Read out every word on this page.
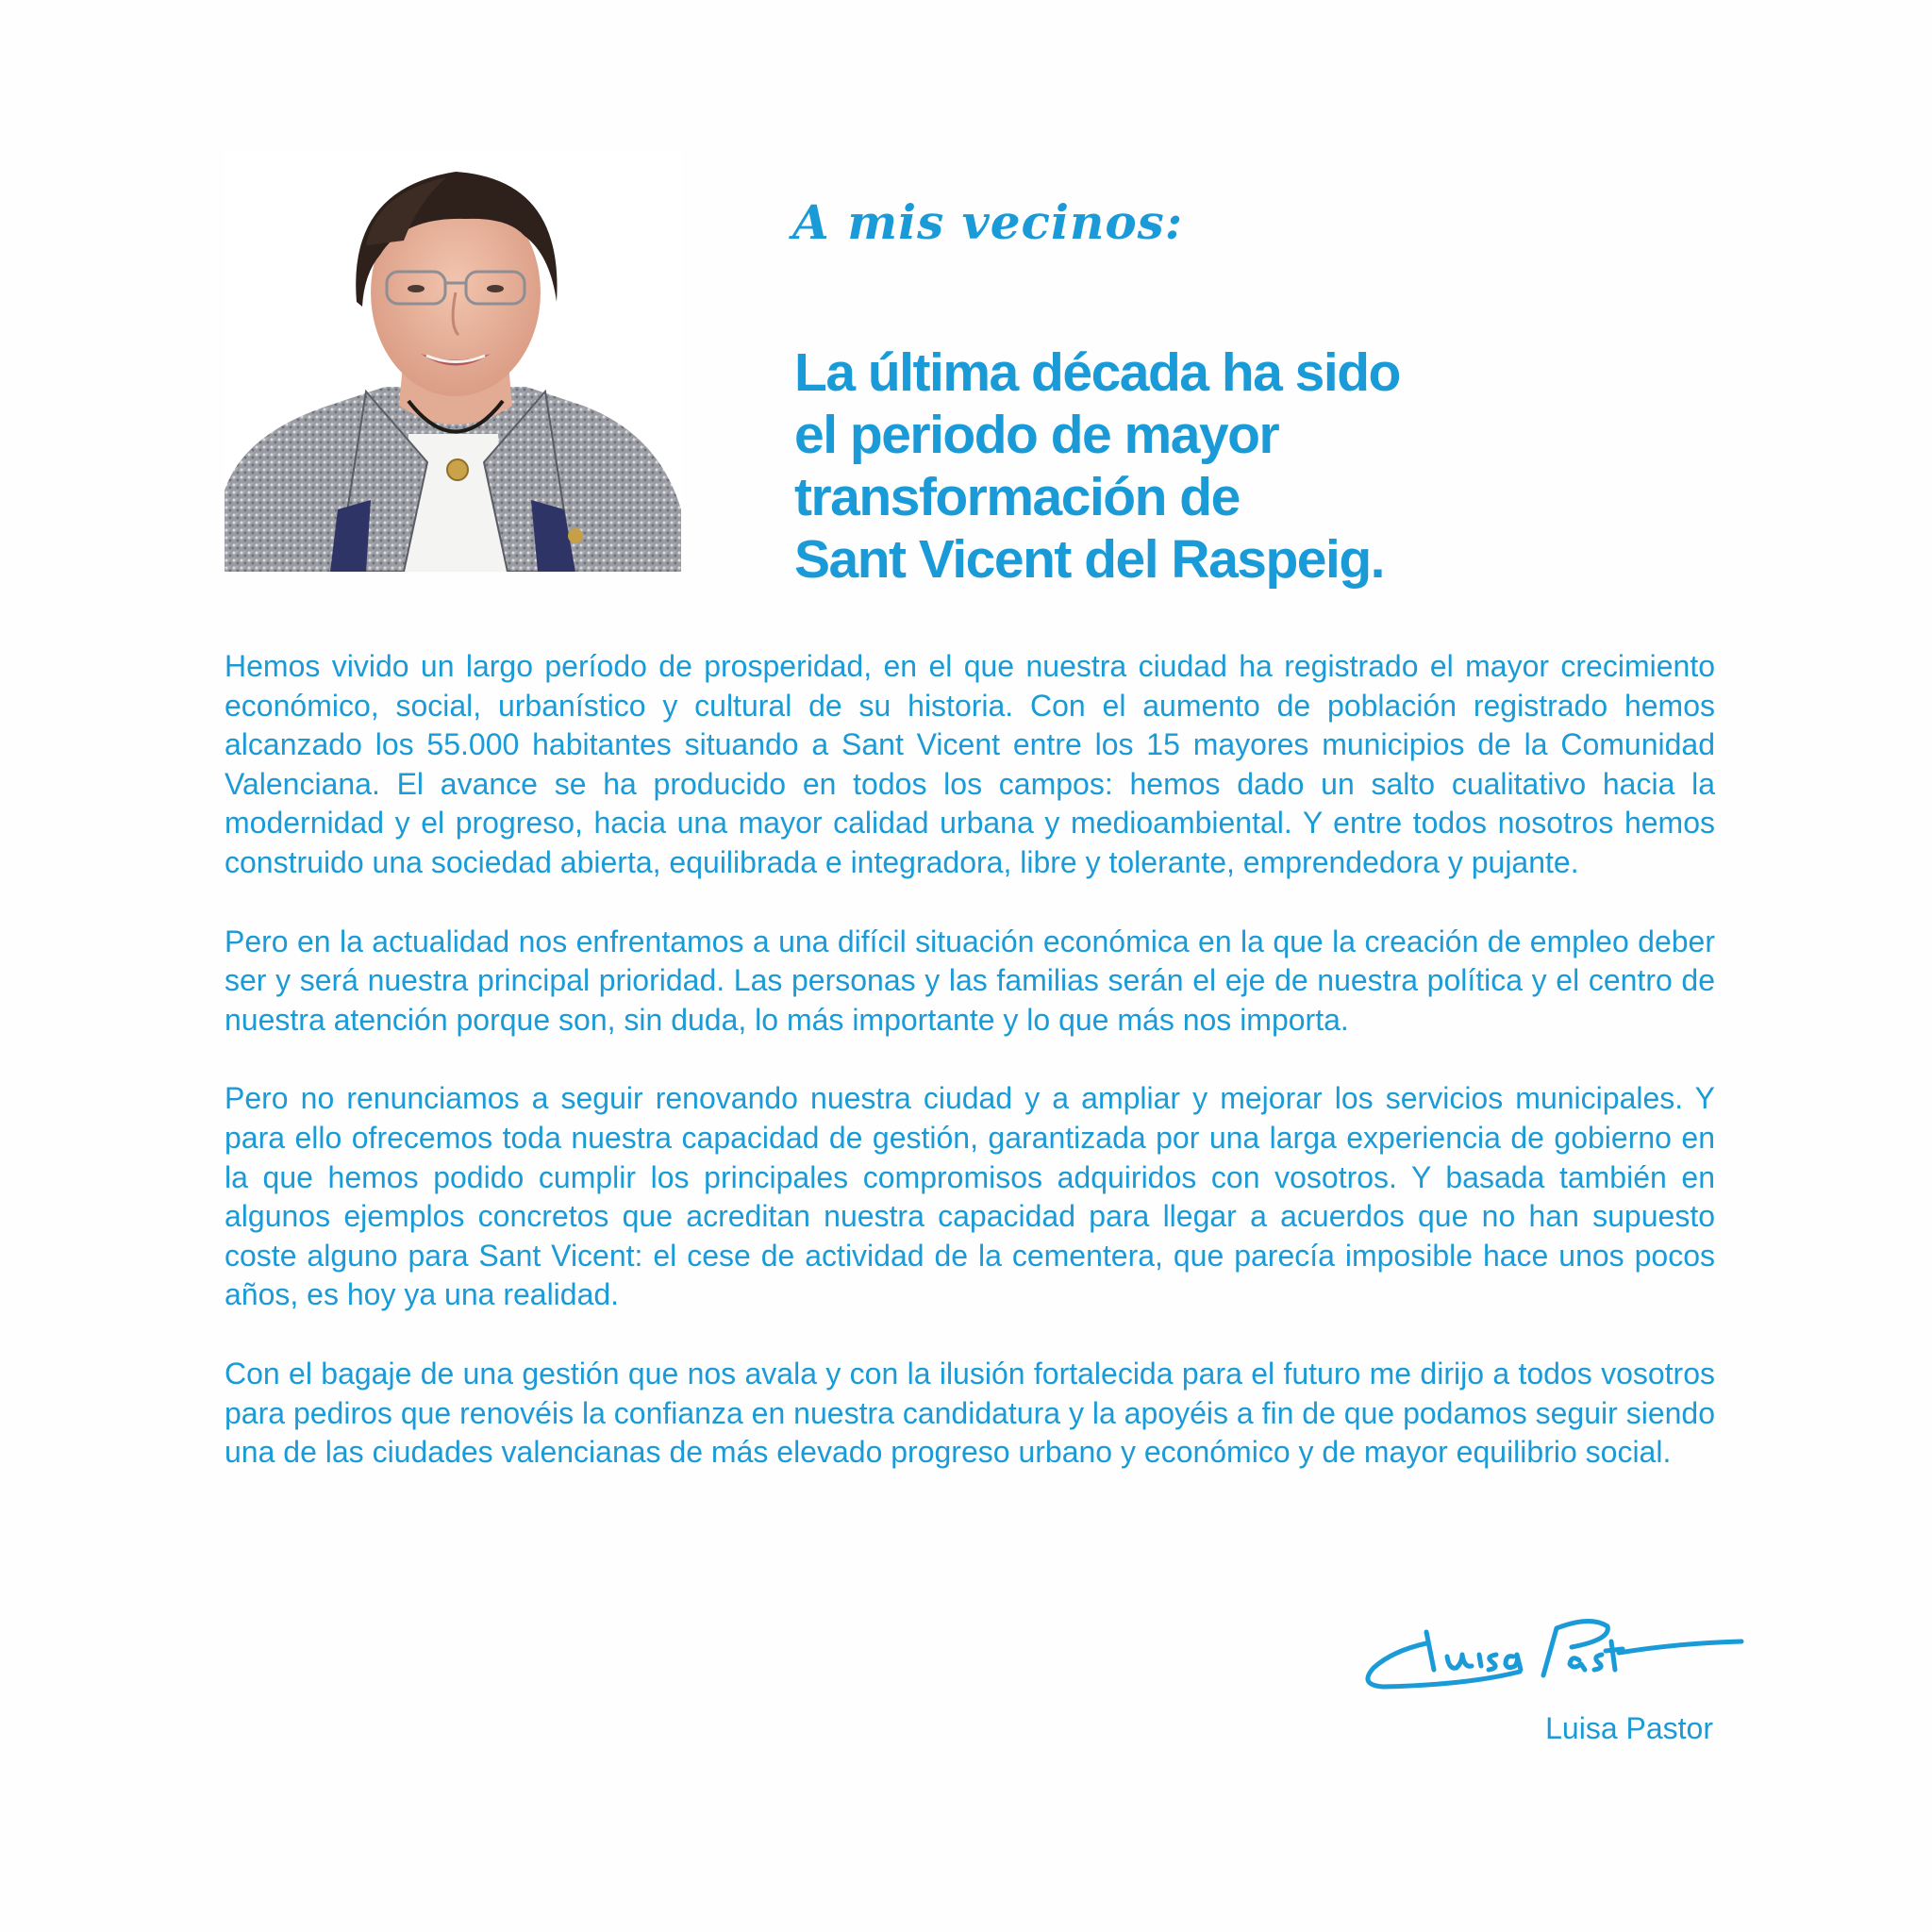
A mis vecinos:
La última década ha sido
el periodo de mayor
transformación de
Sant Vicent del Raspeig.

Hemos vivido un largo período de prosperidad, en el que nuestra ciudad ha registrado el mayor crecimiento económico, social, urbanístico y cultural de su historia. Con el aumento de población registrado hemos alcanzado los 55.000 habitantes situando a Sant Vicent entre los 15 mayores municipios de la Comunidad Valenciana. El avance se ha producido en todos los campos: hemos dado un salto cualitativo hacia la modernidad y el progreso, hacia una mayor calidad urbana y medioambiental. Y entre todos nosotros hemos construido una sociedad abierta, equilibrada e integradora, libre y tolerante, emprendedora y pujante.

Pero en la actualidad nos enfrentamos a una difícil situación económica en la que la creación de empleo deber ser y será nuestra principal prioridad. Las personas y las familias serán el eje de nuestra política y el centro de nuestra atención porque son, sin duda, lo más importante y lo que más nos importa.

Pero no renunciamos a seguir renovando nuestra ciudad y a ampliar y mejorar los servicios municipales. Y para ello ofrecemos toda nuestra capacidad de gestión, garantizada por una larga experiencia de gobierno en la que hemos podido cumplir los principales compromisos adquiridos con vosotros. Y basada también en algunos ejemplos concretos que acreditan nuestra capacidad para llegar a acuerdos que no han supuesto coste alguno para Sant Vicent: el cese de actividad de la cementera, que parecía imposible hace unos pocos años, es hoy ya una realidad.

Con el bagaje de una gestión que nos avala y con la ilusión fortalecida para el futuro me dirijo a todos vosotros para pediros que renovéis la confianza en nuestra candidatura y la apoyéis a fin de que podamos seguir siendo una de las ciudades valencianas de más elevado progreso urbano y económico y de mayor equilibrio social.

Luisa Pastor
